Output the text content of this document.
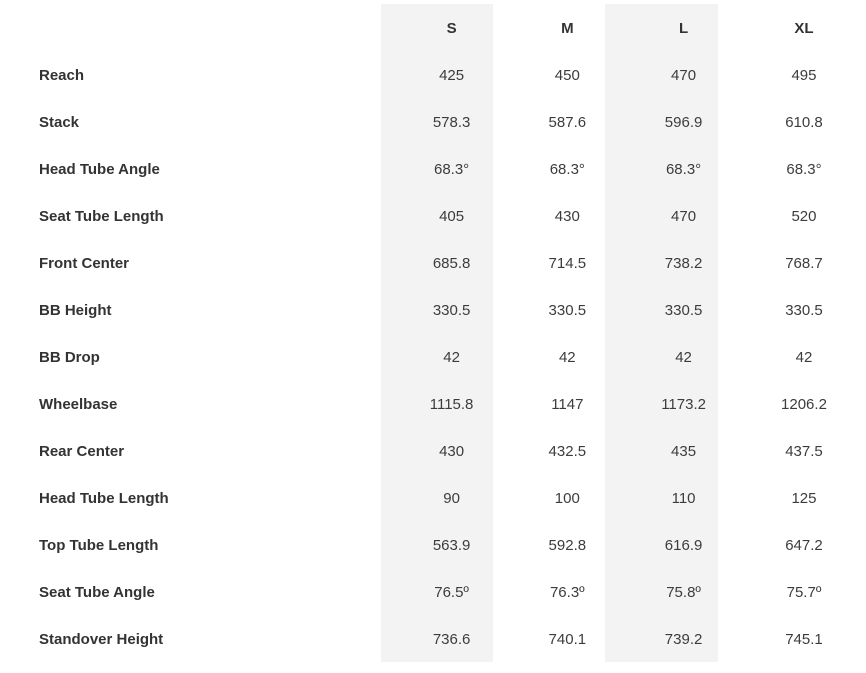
	S	M	L	XL
Reach	425	450	470	495
Stack	578.3	587.6	596.9	610.8
Head Tube Angle	68.3°	68.3°	68.3°	68.3°
Seat Tube Length	405	430	470	520
Front Center	685.8	714.5	738.2	768.7
BB Height	330.5	330.5	330.5	330.5
BB Drop	42	42	42	42
Wheelbase	1115.8	1147	1173.2	1206.2
Rear Center	430	432.5	435	437.5
Head Tube Length	90	100	110	125
Top Tube Length	563.9	592.8	616.9	647.2
Seat Tube Angle	76.5º	76.3º	75.8º	75.7º
Standover Height	736.6	740.1	739.2	745.1
